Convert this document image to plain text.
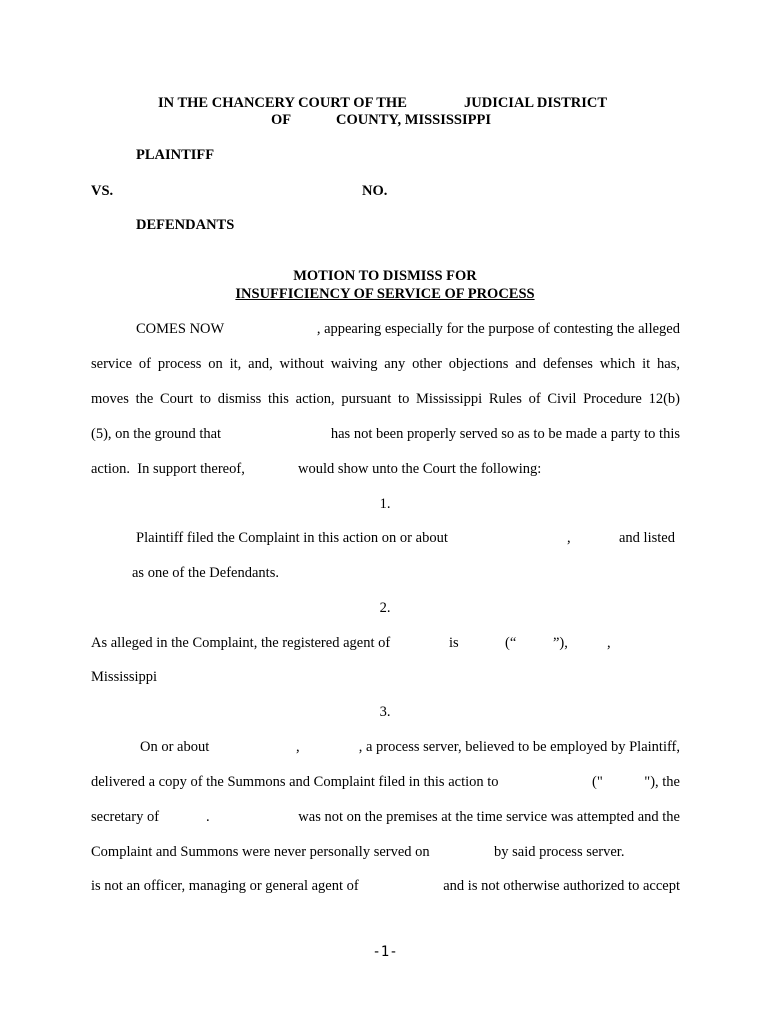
IN THE CHANCERY COURT OF THE	JUDICIAL DISTRICT
OF	COUNTY, MISSISSIPPI
PLAINTIFF
VS.	NO.
DEFENDANTS
MOTION TO DISMISS FOR
INSUFFICIENCY OF SERVICE OF PROCESS
COMES NOW	, appearing especially for the purpose of contesting the alleged
service of process on it, and, without waiving any other objections and defenses which it has,
moves the Court to dismiss this action, pursuant to Mississippi Rules of Civil Procedure 12(b)
(5), on the ground that	has not been properly served so as to be made a party to this
action.  In support thereof,	would show unto the Court the following:
1.
Plaintiff filed the Complaint in this action on or about	,	and listed
as one of the Defendants.
2.
As alleged in the Complaint, the registered agent of	is	(“	”),	,
Mississippi
3.
On or about	,	, a process server, believed to be employed by Plaintiff,
delivered a copy of the Summons and Complaint filed in this action to	("	"), the
secretary of	.	was not on the premises at the time service was attempted and the
Complaint and Summons were never personally served on	by said process server.
is not an officer, managing or general agent of	and is not otherwise authorized to accept
-1-
